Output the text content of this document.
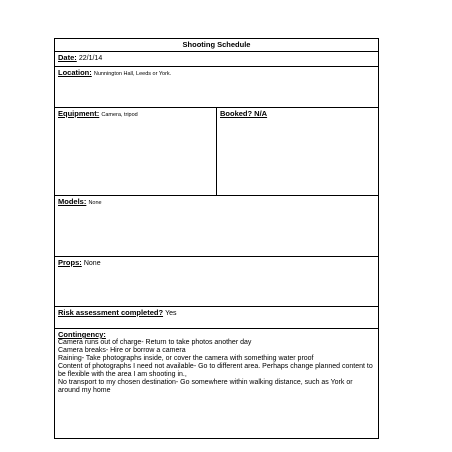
Shooting Schedule
Date: 22/1/14
Location: Nunnington Hall, Leeds or York.
Equipment: Camera, tripod	Booked? N/A
Models: None
Props: None
Risk assessment completed? Yes
Contingency:
Camera runs out of charge- Return to take photos another day
Camera breaks- Hire or borrow a camera
Raining- Take photographs inside, or cover the camera with something water proof
Content of photographs I need not available- Go to different area. Perhaps change planned content to be flexible with the area I am shooting in.,
No transport to my chosen destination- Go somewhere within walking distance, such as York or around my home
